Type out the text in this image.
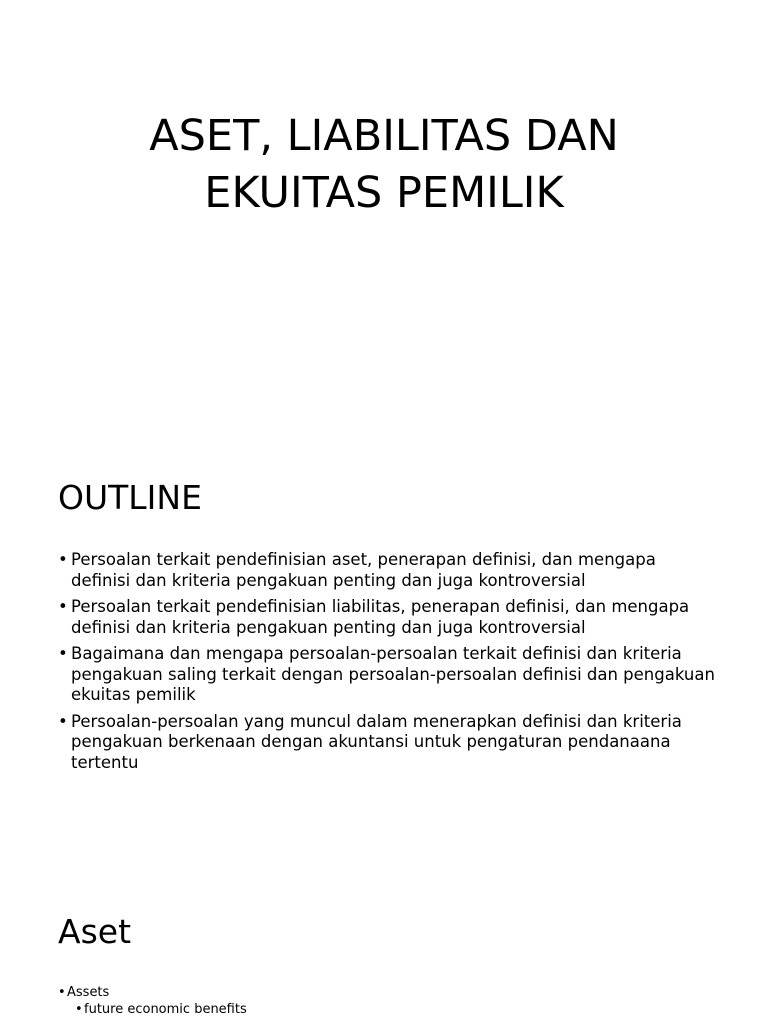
ASET, LIABILITAS DAN
EKUITAS PEMILIK
OUTLINE
• Persoalan terkait pendefinisian aset, penerapan definisi, dan mengapa definisi dan kriteria pengakuan penting dan juga kontroversial
• Persoalan terkait pendefinisian liabilitas, penerapan definisi, dan mengapa definisi dan kriteria pengakuan penting dan juga kontroversial
• Bagaimana dan mengapa persoalan-persoalan terkait definisi dan kriteria pengakuan saling terkait dengan persoalan-persoalan definisi dan pengakuan ekuitas pemilik
• Persoalan-persoalan yang muncul dalam menerapkan definisi dan kriteria pengakuan berkenaan dengan akuntansi untuk pengaturan pendanaana tertentu
Aset
• Assets
• future economic benefits
